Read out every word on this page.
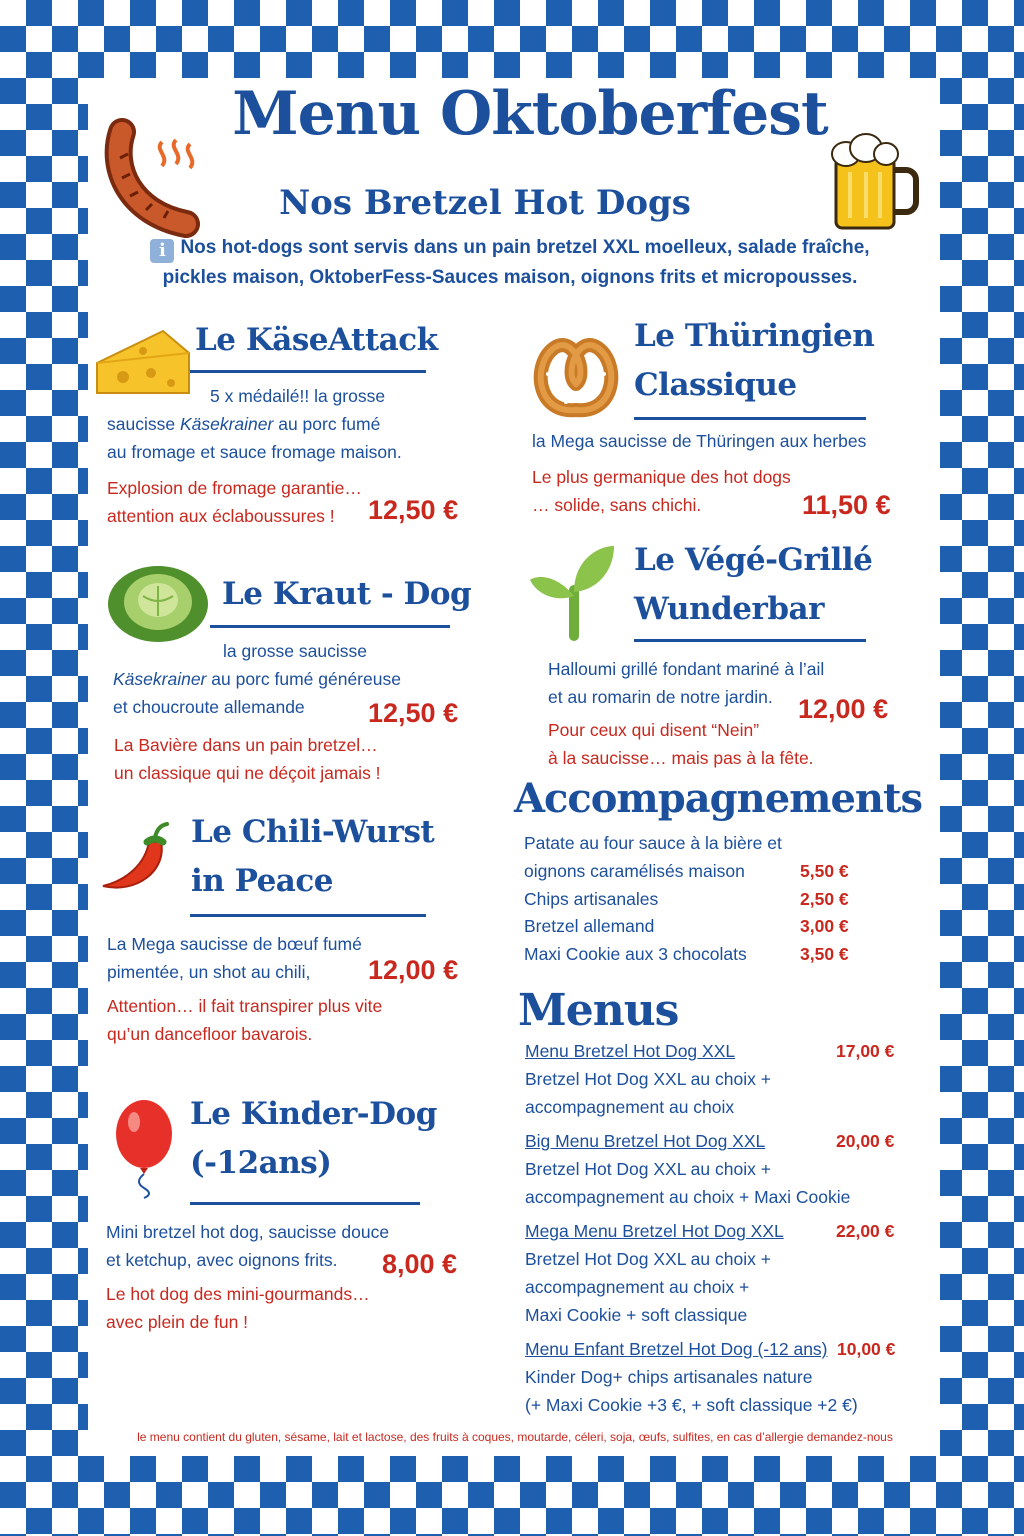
Menu Oktoberfest
Nos Bretzel Hot Dogs
i Nos hot-dogs sont servis dans un pain bretzel XXL moelleux, salade fraîche,
pickles maison, OktoberFess-Sauces maison, oignons frits et micropousses.
Le KäseAttack
5 x médailé!! la grosse
saucisse Käsekrainer au porc fumé
au fromage et sauce fromage maison.
Explosion de fromage garantie…
attention aux éclaboussures !	12,50 €
Le Kraut - Dog
la grosse saucisse
Käsekrainer au porc fumé généreuse
et choucroute allemande	12,50 €
La Bavière dans un pain bretzel…
un classique qui ne déçoit jamais !
Le Chili-Wurst
in Peace
La Mega saucisse de bœuf fumé
pimentée, un shot au chili,	12,00 €
Attention… il fait transpirer plus vite
qu’un dancefloor bavarois.
Le Kinder-Dog
(-12ans)
Mini bretzel hot dog, saucisse douce
et ketchup, avec oignons frits.	8,00 €
Le hot dog des mini-gourmands…
avec plein de fun !
Le Thüringien
Classique
la Mega saucisse de Thüringen aux herbes
Le plus germanique des hot dogs
… solide, sans chichi.	11,50 €
Le Végé-Grillé
Wunderbar
Halloumi grillé fondant mariné à l’ail
et au romarin de notre jardin. 12,00 €
Pour ceux qui disent “Nein”
à la saucisse… mais pas à la fête.
Accompagnements
Patate au four sauce à la bière et
oignons caramélisés maison	5,50 €
Chips artisanales	2,50 €
Bretzel allemand	3,00 €
Maxi Cookie aux 3 chocolats	3,50 €
Menus
Menu Bretzel Hot Dog XXL
Bretzel Hot Dog XXL au choix +
accompagnement au choix
17,00 €
Big Menu Bretzel Hot Dog XXL
Bretzel Hot Dog XXL au choix +
accompagnement au choix + Maxi Cookie
20,00 €
Mega Menu Bretzel Hot Dog XXL
Bretzel Hot Dog XXL au choix +
accompagnement au choix +
Maxi Cookie + soft classique
22,00 €
Menu Enfant Bretzel Hot Dog (-12 ans)
Kinder Dog+ chips artisanales nature
(+ Maxi Cookie +3 €, + soft classique +2 €)
10,00 €
le menu contient du gluten, sésame, lait et lactose, des fruits à coques, moutarde, céleri, soja, œufs, sulfites, en cas d’allergie demandez-nous
